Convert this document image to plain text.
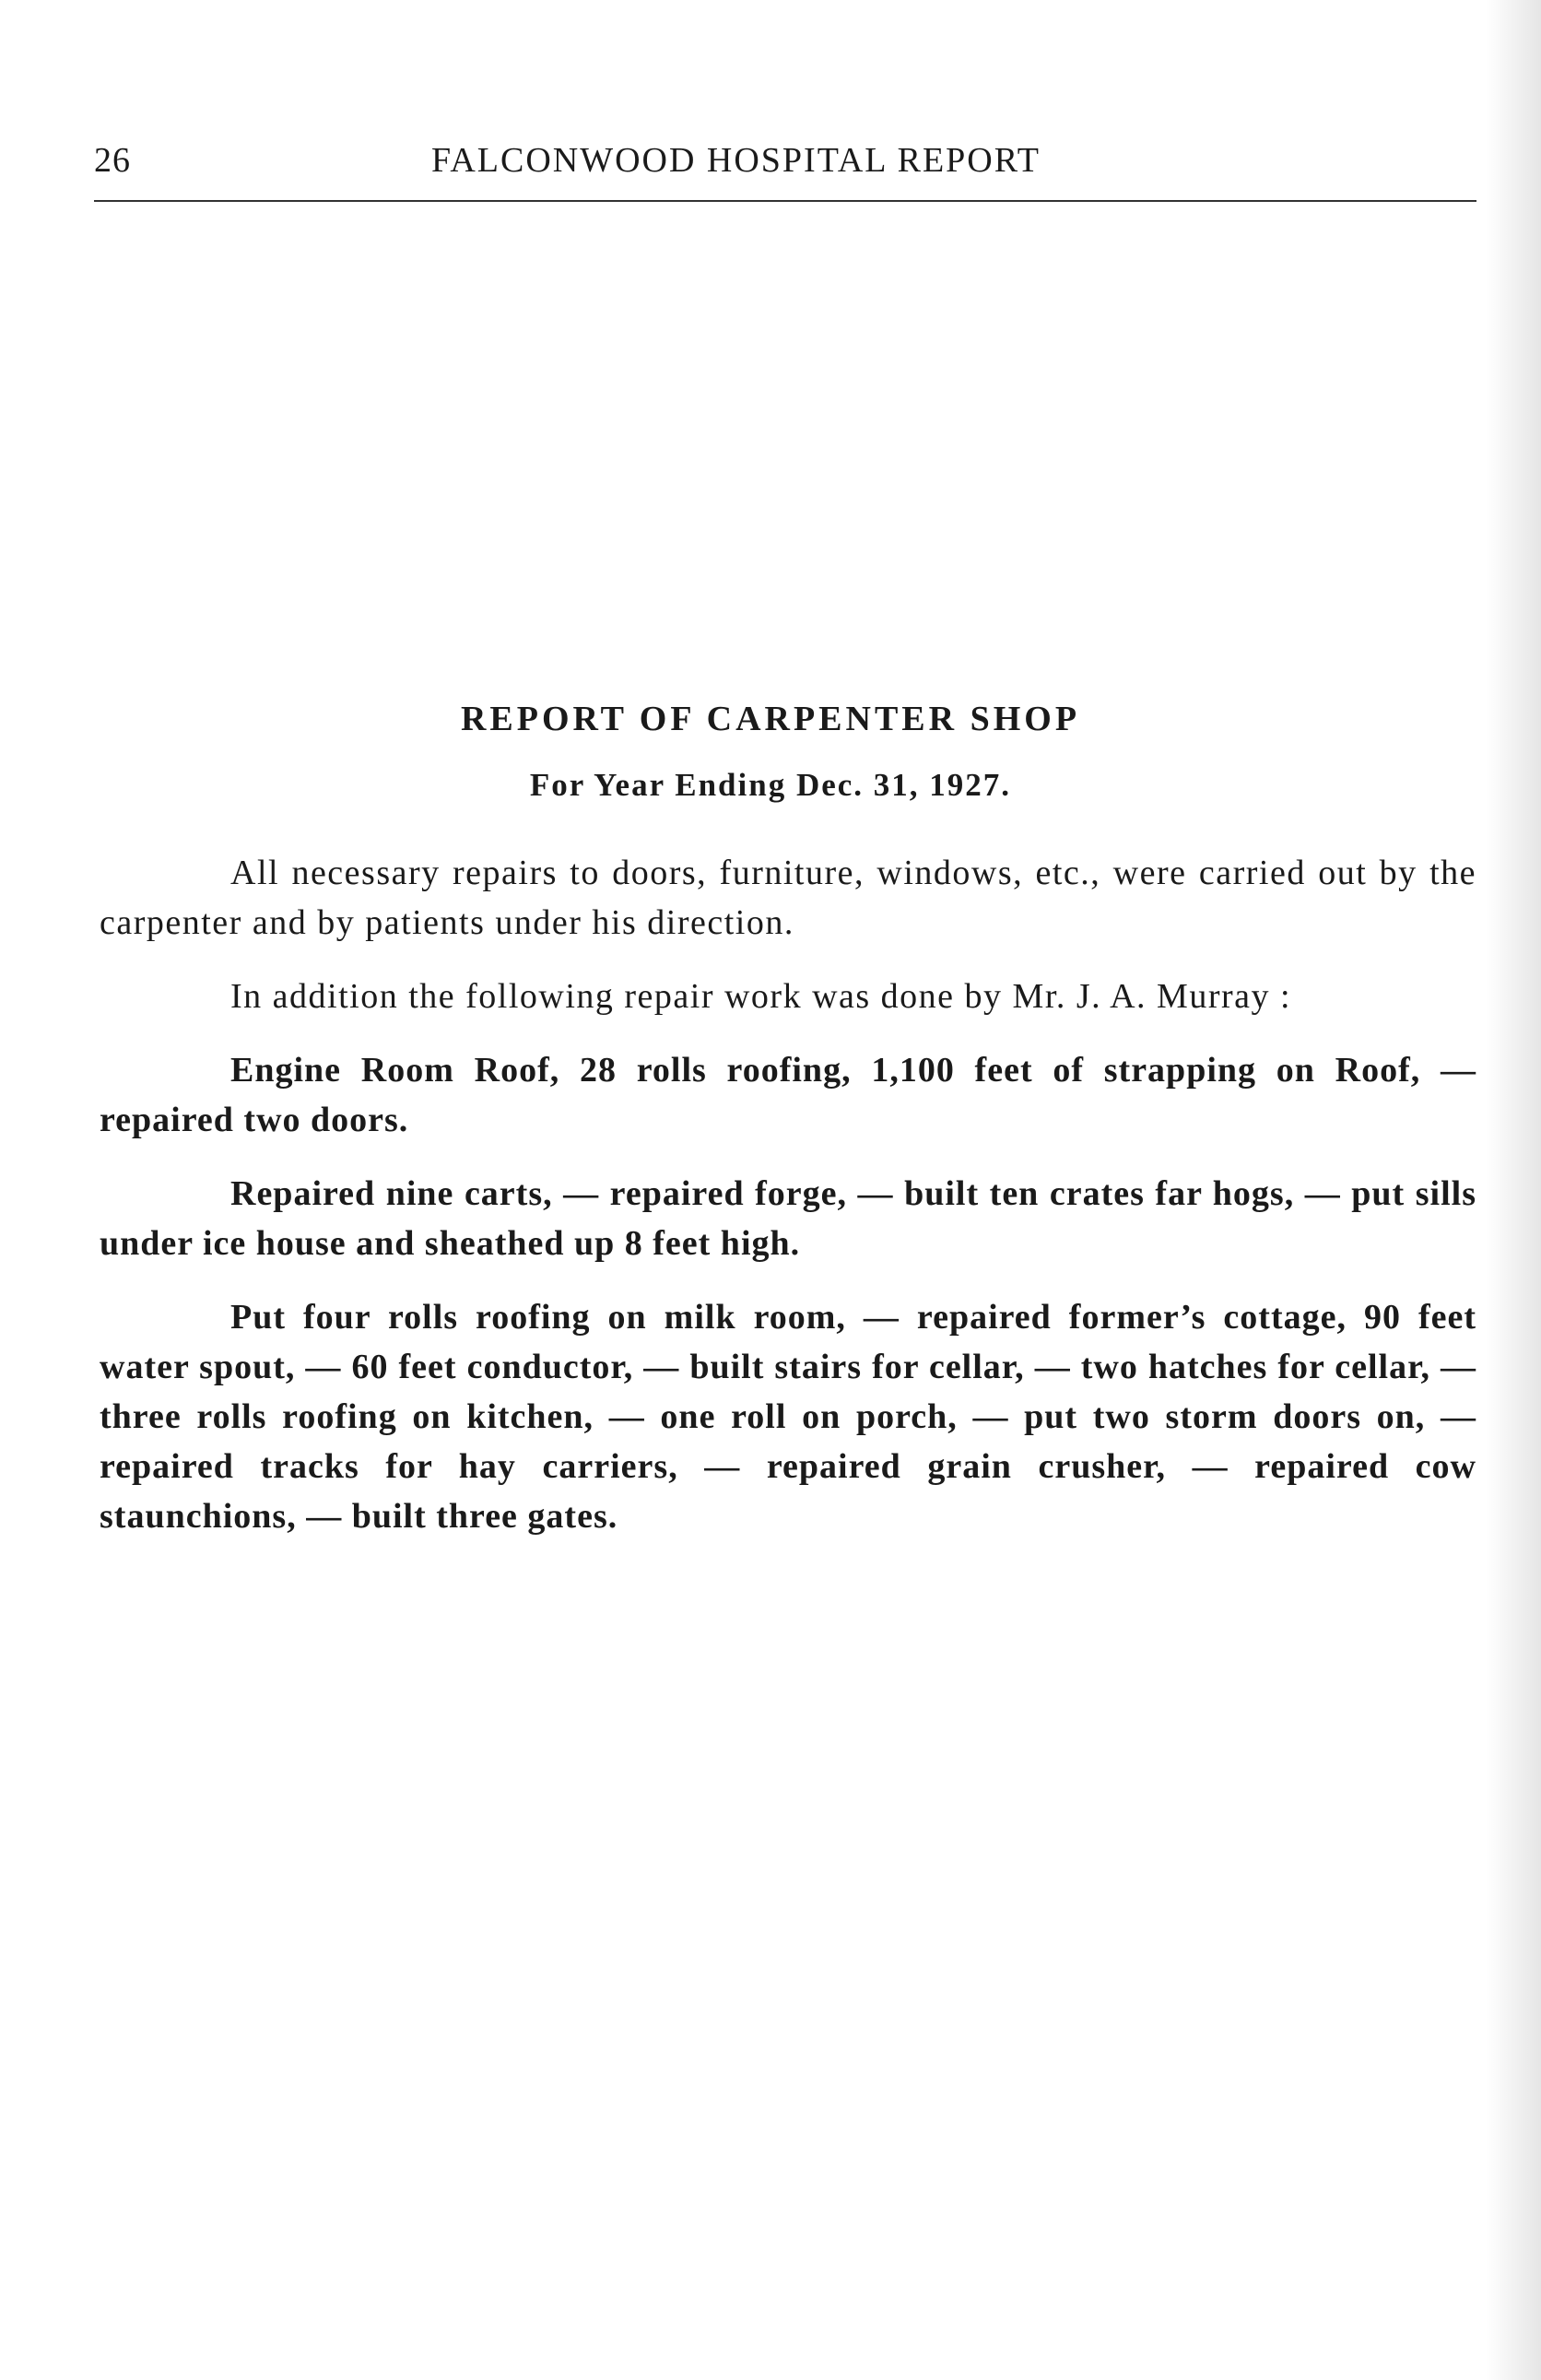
26	FALCONWOOD HOSPITAL REPORT
REPORT OF CARPENTER SHOP
For Year Ending Dec. 31, 1927.

All necessary repairs to doors, furniture, windows, etc., were carried out by the carpenter and by patients under his direction.

In addition the following repair work was done by Mr. J. A. Murray :

Engine Room Roof, 28 rolls roofing, 1,100 feet of strapping on Roof, — repaired two doors.

Repaired nine carts, — repaired forge, — built ten crates far hogs, — put sills under ice house and sheathed up 8 feet high.

Put four rolls roofing on milk room, — repaired former’s cottage, 90 feet water spout, — 60 feet conductor, — built stairs for cellar, — two hatches for cellar, — three rolls roofing on kitchen, — one roll on porch, — put two storm doors on, — repaired tracks for hay carriers, — repaired grain crusher, — repaired cow staunchions, — built three gates.
